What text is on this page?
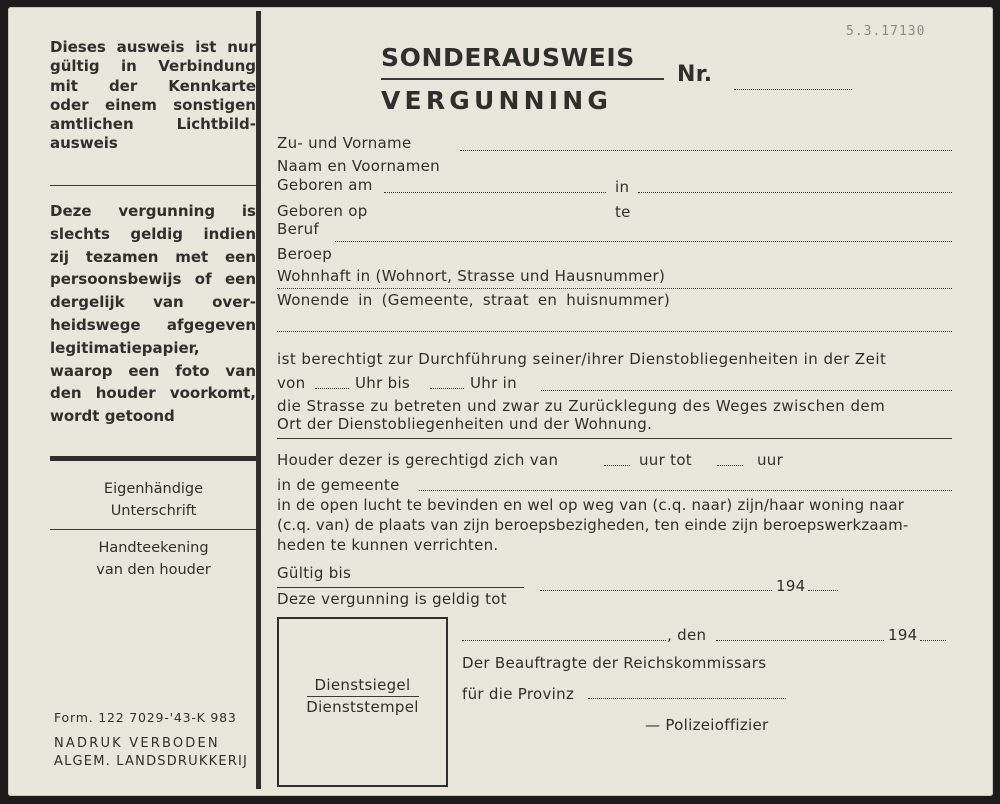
5.3.17130
Dieses ausweis ist nur
gültig in Verbindung
mit der Kennkarte
oder einem sonstigen
amtlichen Lichtbild-
ausweis
Deze vergunning is
slechts geldig indien
zij tezamen met een
persoonsbewijs of een
dergelijk van over-
heidswege afgegeven
legitimatiepapier,
waarop een foto van
den houder voorkomt,
wordt getoond
Eigenhändige
Unterschrift
Handteekening
van den houder
Form. 122 7029-'43-K 983
NADRUK VERBODEN
ALGEM. LANDSDRUKKERIJ
SONDERAUSWEIS
VERGUNNING
Nr.
Zu- und Vorname
Naam en Voornamen
Geboren am	in
Geboren op	te
Beruf
Beroep
Wohnhaft in (Wohnort, Strasse und Hausnummer)
Wonende in (Gemeente, straat en huisnummer)
ist berechtigt zur Durchführung seiner/ihrer Dienstobliegenheiten in der Zeit
von	Uhr bis	Uhr in
die Strasse zu betreten und zwar zu Zurücklegung des Weges zwischen dem
Ort der Dienstobliegenheiten und der Wohnung.
Houder dezer is gerechtigd zich van	uur tot	uur
in de gemeente
in de open lucht te bevinden en wel op weg van (c.q. naar) zijn/haar woning naar
(c.q. van) de plaats van zijn beroepsbezigheden, ten einde zijn beroepswerkzaam-
heden te kunnen verrichten.
Gültig bis
194
Deze vergunning is geldig tot
Dienstsiegel
Dienststempel
, den	194
Der Beauftragte der Reichskommissars
für die Provinz
— Polizeioffizier
